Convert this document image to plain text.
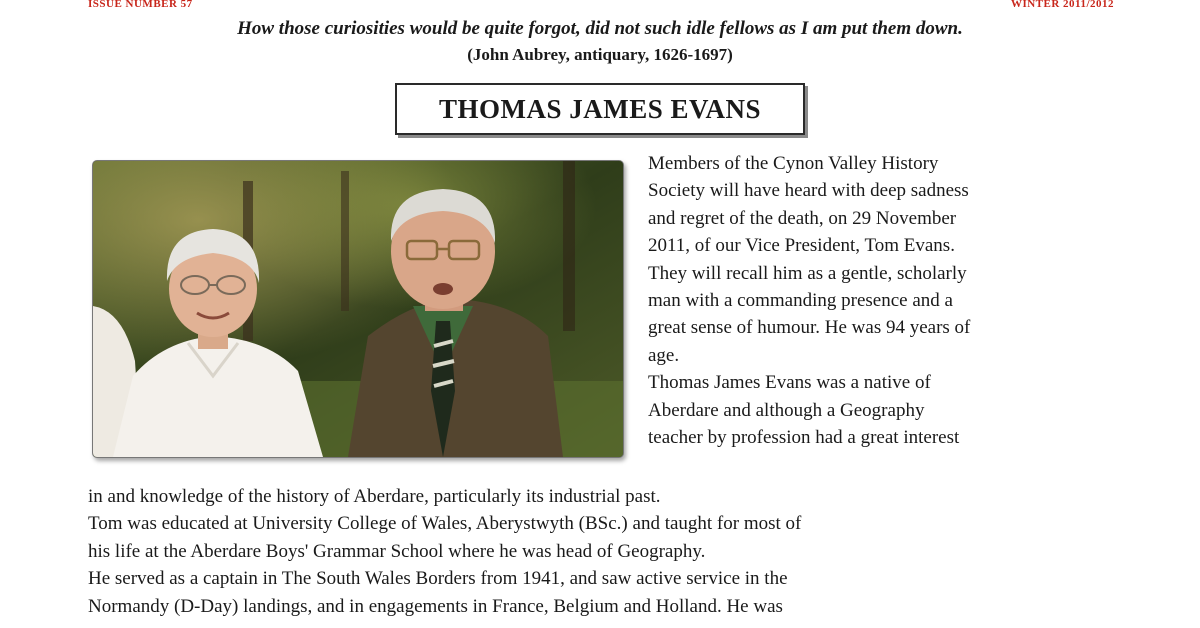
ISSUE NUMBER 57	WINTER 2011/2012
How those curiosities would be quite forgot, did not such idle fellows as I am put them down.
(John Aubrey, antiquary, 1626-1697)
THOMAS JAMES EVANS
Members of the Cynon Valley History
Society will have heard with deep sadness
and regret of the death, on 29 November
2011, of our Vice President, Tom Evans.
They will recall him as a gentle, scholarly
man with a commanding presence and a
great sense of humour. He was 94 years of
age.
Thomas James Evans was a native of
Aberdare and although a Geography
teacher by profession had a great interest
in and knowledge of the history of Aberdare, particularly its industrial past.
Tom was educated at University College of Wales, Aberystwyth (BSc.) and taught for most of
his life at the Aberdare Boys' Grammar School where he was head of Geography.
He served as a captain in The South Wales Borders from 1941, and saw active service in the
Normandy (D-Day) landings, and in engagements in France, Belgium and Holland. He was
